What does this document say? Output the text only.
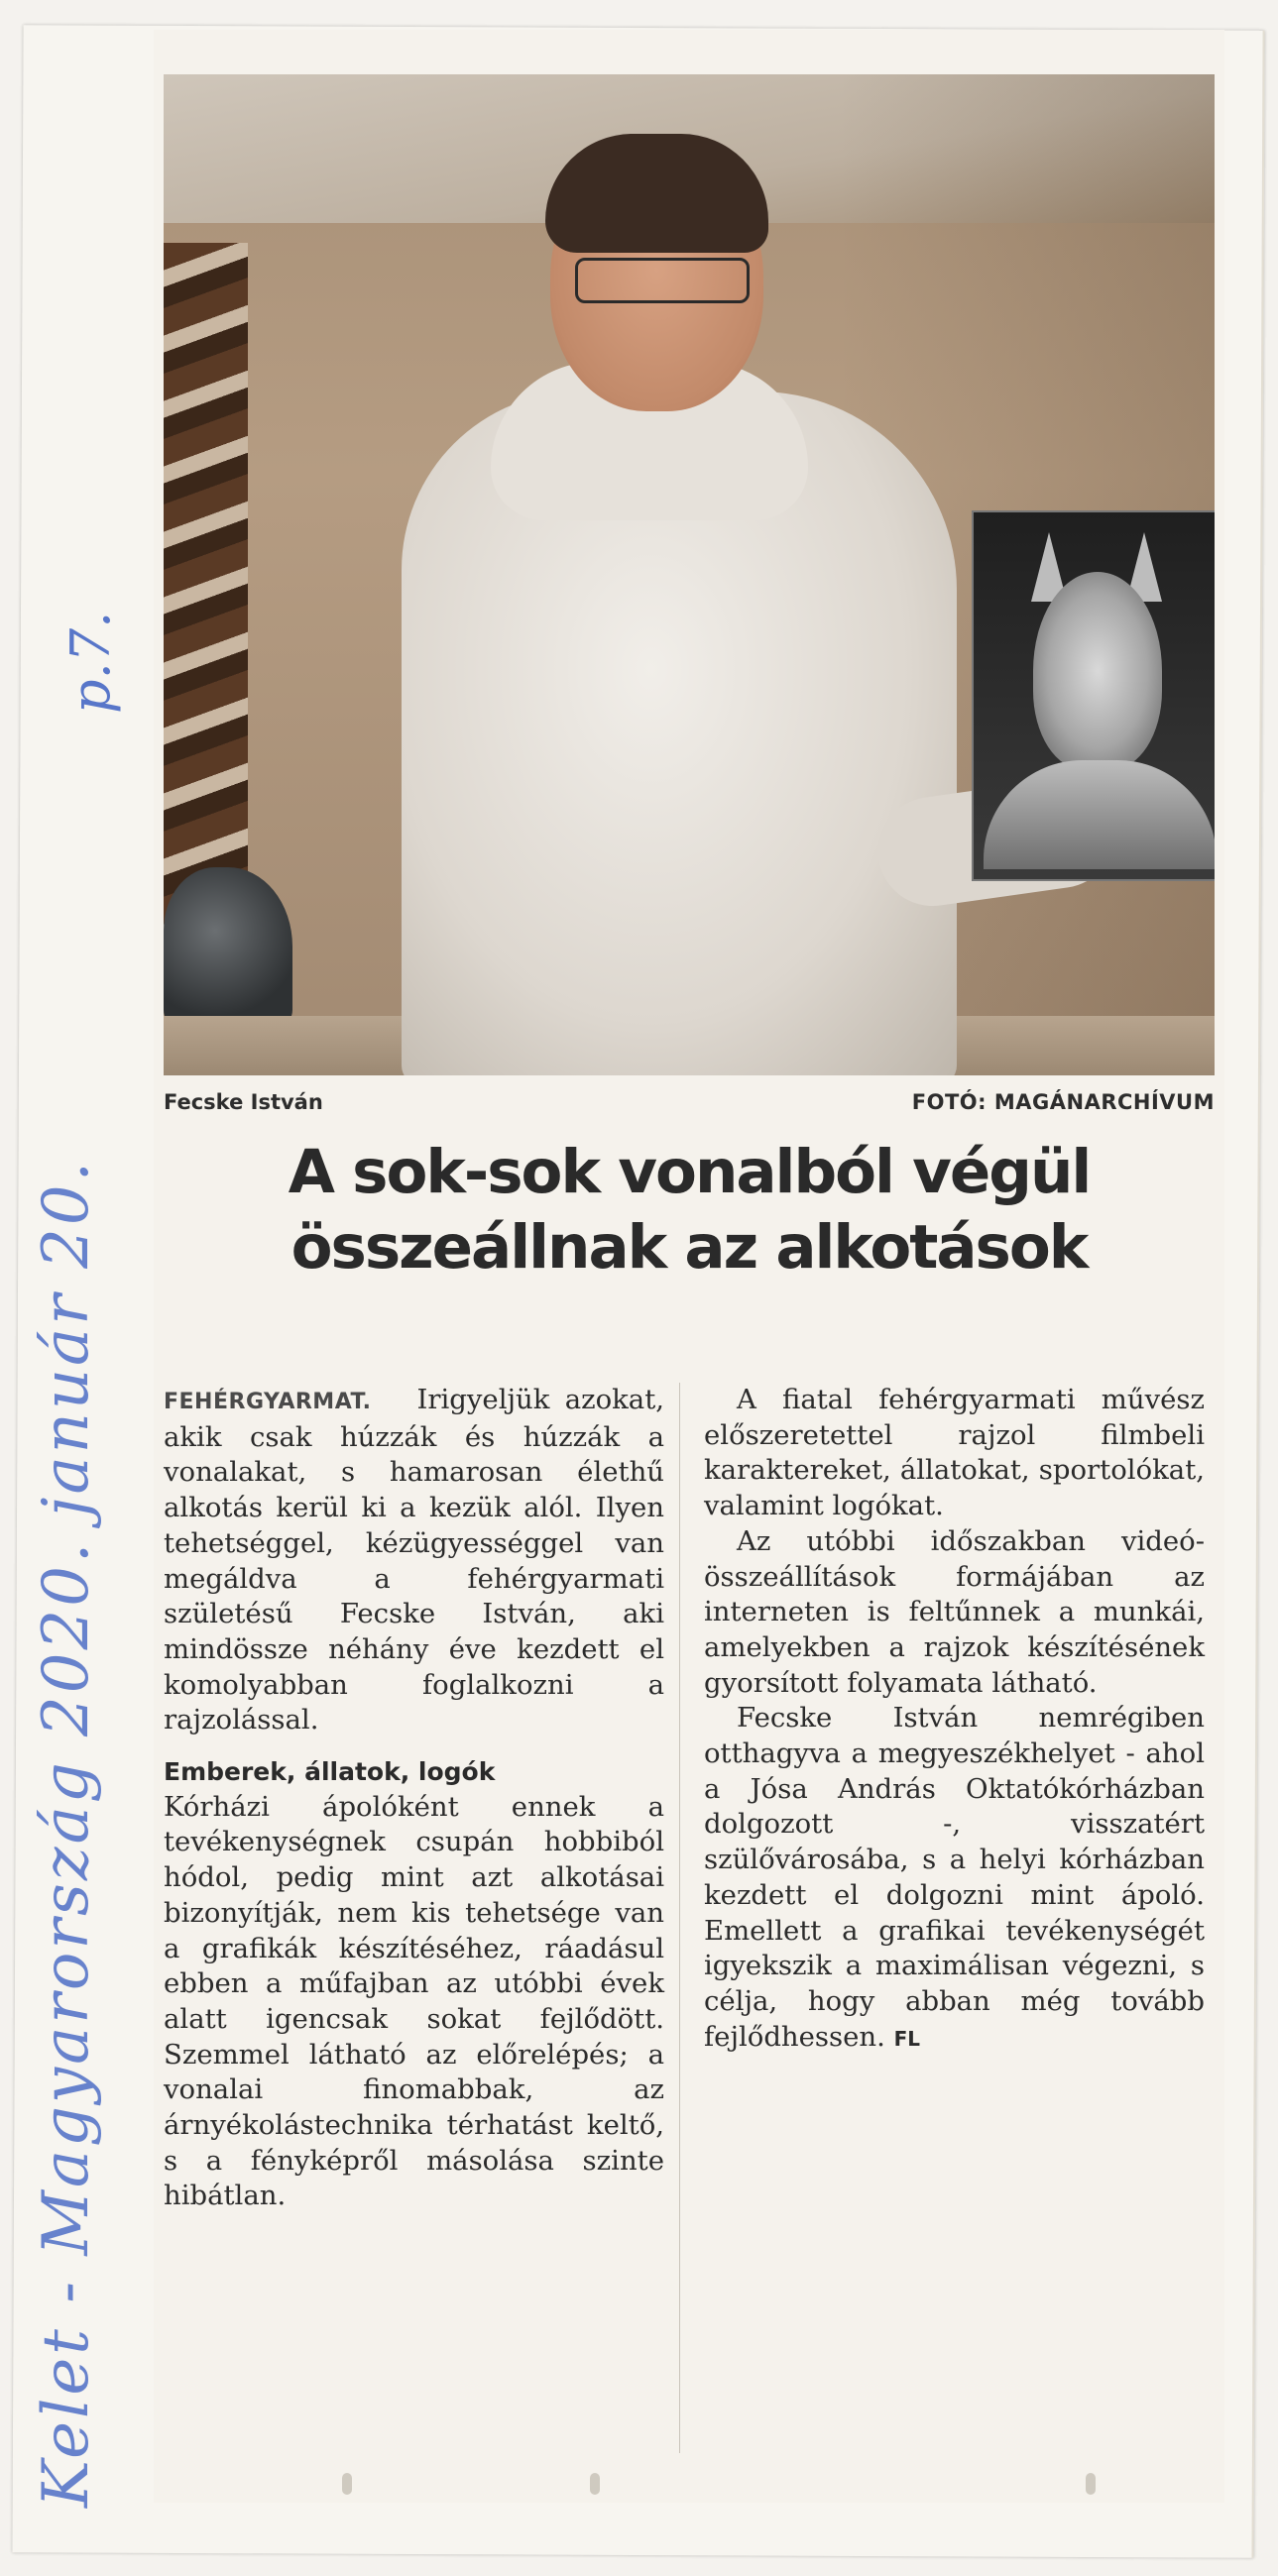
Kelet - Magyarország 2020. január 20.
p.7.
Fecske István	FOTÓ: MAGÁNARCHÍVUM
A sok-sok vonalból végül
összeállnak az alkotások

FEHÉRGYARMAT. Irigyeljük azokat, akik csak húzzák és húzzák a vonalakat, s hamarosan élethű alkotás kerül ki a kezük alól. Ilyen tehetséggel, kézügyességgel van megáldva a fehérgyarmati születésű Fecske István, aki mindössze néhány éve kezdett el komolyabban foglalkozni a rajzolással.

Emberek, állatok, logók

Kórházi ápolóként ennek a tevékenységnek csupán hobbiból hódol, pedig mint azt alkotásai bizonyítják, nem kis tehetsége van a grafikák készítéséhez, ráadásul ebben a műfajban az utóbbi évek alatt igencsak sokat fejlődött. Szemmel látható az előrelépés; a vonalai finomabbak, az árnyékolástechnika térhatást keltő, s a fényképről másolása szinte hibátlan.

A fiatal fehérgyarmati művész előszeretettel rajzol filmbeli karaktereket, állatokat, sportolókat, valamint logókat.

Az utóbbi időszakban videó-összeállítások formájában az interneten is feltűnnek a munkái, amelyekben a rajzok készítésének gyorsított folyamata látható.

Fecske István nemrégiben otthagyva a megyeszékhelyet - ahol a Jósa András Oktatókórházban dolgozott -, visszatért szülővárosába, s a helyi kórházban kezdett el dolgozni mint ápoló. Emellett a grafikai tevékenységét igyekszik a maximálisan végezni, s célja, hogy abban még tovább fejlődhessen. FL
